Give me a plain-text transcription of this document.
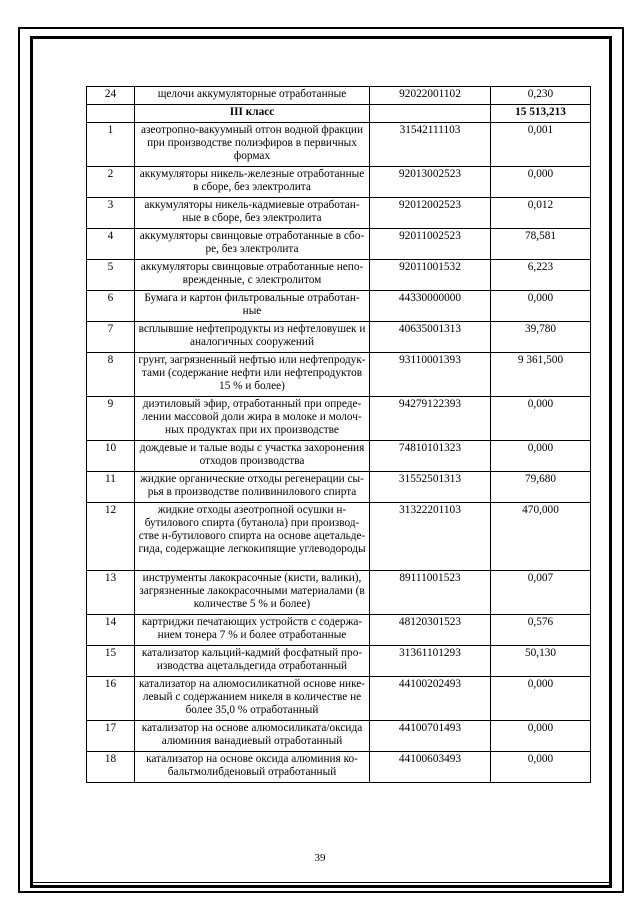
24	щелочи аккумуляторные отработанные	92022001102	0,230
	III класс		15 513,213
1	азеотропно-вакуумный отгон водной фракции при производстве полиэфиров в первичных формах	31542111103	0,001
2	аккумуляторы никель-железные отработанные в сборе, без электролита	92013002523	0,000
3	аккумуляторы никель-кадмиевые отработан-ные в сборе, без электролита	92012002523	0,012
4	аккумуляторы свинцовые отработанные в сбо-ре, без электролита	92011002523	78,581
5	аккумуляторы свинцовые отработанные непо-врежденные, с электролитом	92011001532	6,223
6	Бумага и картон фильтровальные отработан-ные	44330000000	0,000
7	всплывшие нефтепродукты из нефтеловушек и аналогичных сооружений	40635001313	39,780
8	грунт, загрязненный нефтью или нефтепродук-тами (содержание нефти или нефтепродуктов 15 % и более)	93110001393	9 361,500
9	диэтиловый эфир, отработанный при опреде-лении массовой доли жира в молоке и молоч-ных продуктах при их производстве	94279122393	0,000
10	дождевые и талые воды с участка захоронения отходов производства	74810101323	0,000
11	жидкие органические отходы регенерации сы-рья в производстве поливинилового спирта	31552501313	79,680
12	жидкие отходы азеотропной осушки н-бутилового спирта (бутанола) при производ-стве н-бутилового спирта на основе ацетальде-гида, содержащие легкокипящие углеводороды	31322201103	470,000
13	инструменты лакокрасочные (кисти, валики), загрязненные лакокрасочными материалами (в количестве 5 % и более)	89111001523	0,007
14	картриджи печатающих устройств с содержа-нием тонера 7 % и более отработанные	48120301523	0,576
15	катализатор кальций-кадмий фосфатный про-изводства ацетальдегида отработанный	31361101293	50,130
16	катализатор на алюмосиликатной основе нике-левый с содержанием никеля в количестве не более 35,0 % отработанный	44100202493	0,000
17	катализатор на основе алюмосиликата/оксида алюминия ванадиевый отработанный	44100701493	0,000
18	катализатор на основе оксида алюминия ко-бальтмолибденовый отработанный	44100603493	0,000
39
